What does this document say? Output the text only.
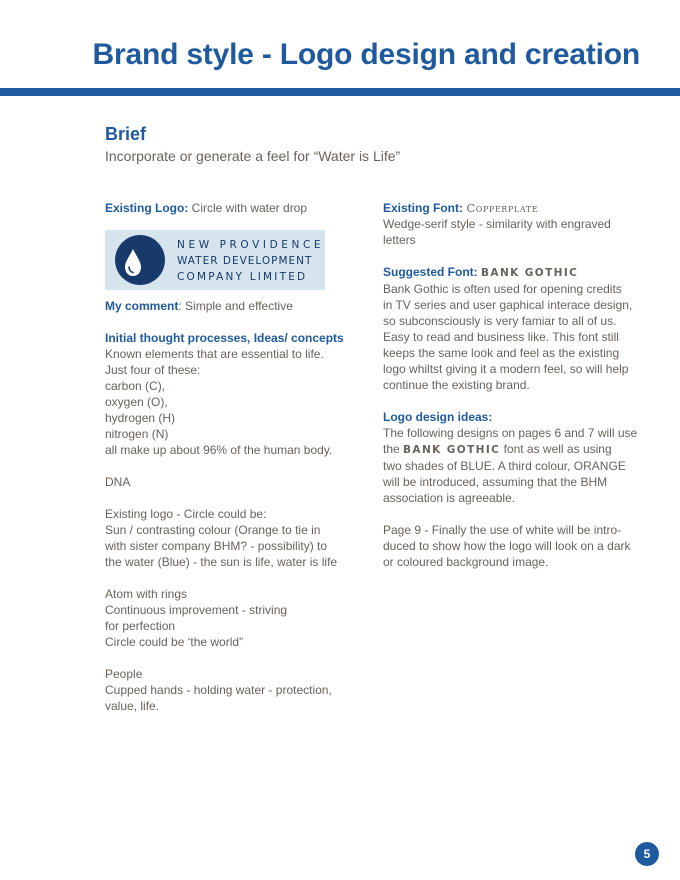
Brand style - Logo design and creation
Brief
Incorporate or generate a feel for “Water is Life”

Existing Logo: Circle with water drop

NEW PROVIDENCE
WATER DEVELOPMENT
COMPANY LIMITED

My comment: Simple and effective

Initial thought processes, Ideas/ concepts

Known elements that are essential to life.

Just four of these:

carbon (C),

oxygen (O),

hydrogen (H)

nitrogen (N)

all make up about 96% of the human body.

DNA

Existing logo - Circle could be:

Sun / contrasting colour (Orange to tie in

with sister company BHM? - possibility) to

the water (Blue) - the sun is life, water is life

Atom with rings

Continuous improvement - striving

for perfection

Circle could be ‘the world”

People

Cupped hands - holding water - protection,

value, life.

Existing Font: Copperplate

Wedge-serif style - similarity with engraved

letters

Suggested Font: BANK GOTHIC

Bank Gothic is often used for opening credits

in TV series and user gaphical interace design,

so subconsciously is very famiar to all of us.

Easy to read and business like. This font still

keeps the same look and feel as the existing

logo whiltst giving it a modern feel, so will help

continue the existing brand.

Logo design ideas:

The following designs on pages 6 and 7 will use

the BANK GOTHIC font as well as using

two shades of BLUE. A third colour, ORANGE

will be introduced, assuming that the BHM

association is agreeable.

Page 9 - Finally the use of white will be intro-

duced to show how the logo will look on a dark

or coloured background image.

5
